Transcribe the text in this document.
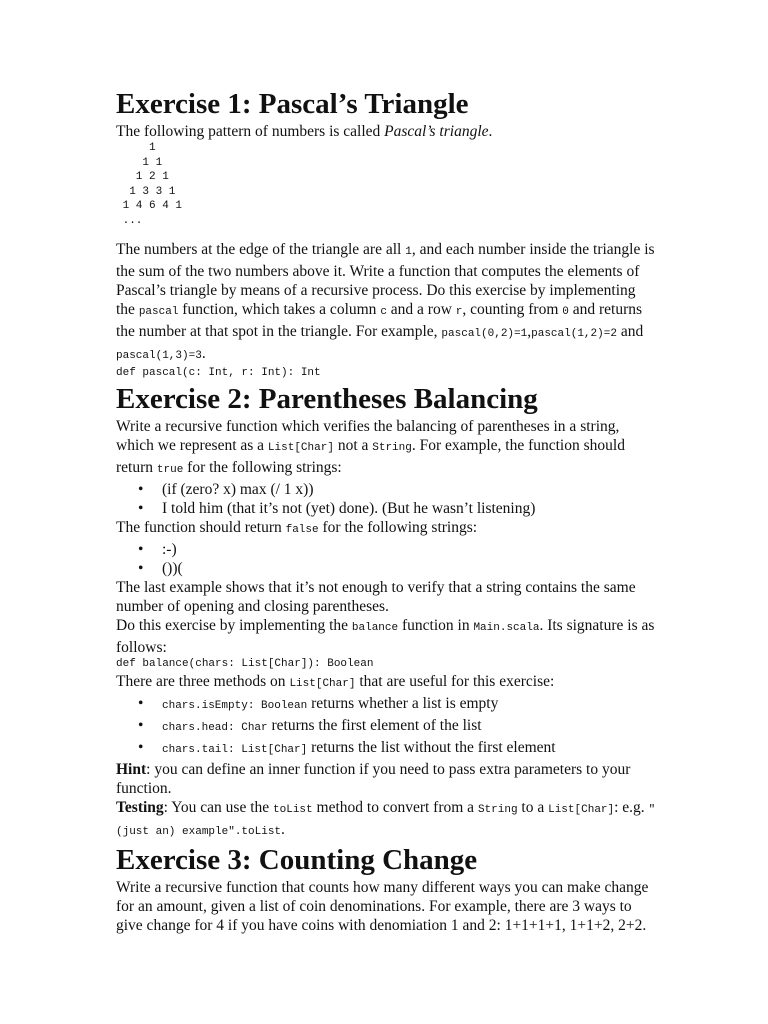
Exercise 1: Pascal’s Triangle

The following pattern of numbers is called Pascal’s triangle.

1
1 1
1 2 1
1 3 3 1
1 4 6 4 1
...

The numbers at the edge of the triangle are all 1, and each number inside the triangle is the sum of the two numbers above it. Write a function that computes the elements of Pascal’s triangle by means of a recursive process. Do this exercise by implementing the pascal function, which takes a column c and a row r, counting from 0 and returns the number at that spot in the triangle. For example, pascal(0,2)=1,pascal(1,2)=2 and pascal(1,3)=3.

def pascal(c: Int, r: Int): Int

Exercise 2: Parentheses Balancing

Write a recursive function which verifies the balancing of parentheses in a string, which we represent as a List[Char] not a String. For example, the function should return true for the following strings:

• (if (zero? x) max (/ 1 x))
• I told him (that it’s not (yet) done). (But he wasn’t listening)

The function should return false for the following strings:

• :-)
• ())(

The last example shows that it’s not enough to verify that a string contains the same number of opening and closing parentheses.

Do this exercise by implementing the balance function in Main.scala. Its signature is as follows:

def balance(chars: List[Char]): Boolean

There are three methods on List[Char] that are useful for this exercise:

• chars.isEmpty: Boolean returns whether a list is empty
• chars.head: Char returns the first element of the list
• chars.tail: List[Char] returns the list without the first element

Hint: you can define an inner function if you need to pass extra parameters to your function.

Testing: You can use the toList method to convert from a String to a List[Char]: e.g. "(just an) example".toList.

Exercise 3: Counting Change

Write a recursive function that counts how many different ways you can make change for an amount, given a list of coin denominations. For example, there are 3 ways to give change for 4 if you have coins with denomiation 1 and 2: 1+1+1+1, 1+1+2, 2+2.
